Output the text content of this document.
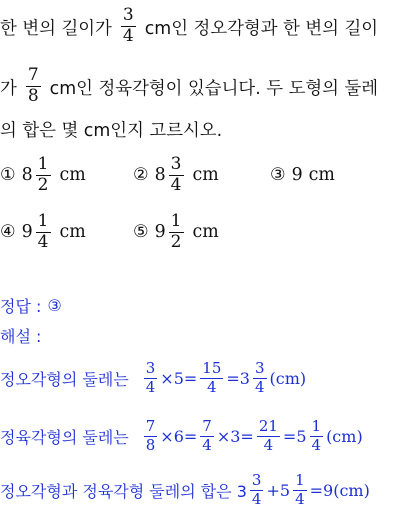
한 변의 길이가 $\frac{3}{4}$ cm인 정오각형과 한 변의 길이
가 $\frac{7}{8}$ cm인 정육각형이 있습니다. 두 도형의 둘레
의 합은 몇 cm인지 고르시오.
① $8 \frac{1}{2}$ cm	② $8 \frac{3}{4}$ cm	③ 9 cm
④ $9 \frac{1}{4}$ cm	⑤ $9 \frac{1}{2}$ cm
정답 : ③
해설 :
정오각형의 둘레는 $\frac{3}{4} \times 5= \frac{15}{4} =3 \frac{3}{4} (cm)$
정육각형의 둘레는 $\frac{7}{8} \times 6= \frac{7}{4} \times 3= \frac{21}{4} =5 \frac{1}{4} (cm)$
정오각형과 정육각형 둘레의 합은 $3 \frac{3}{4} +5 \frac{1}{4} =9(cm)$
